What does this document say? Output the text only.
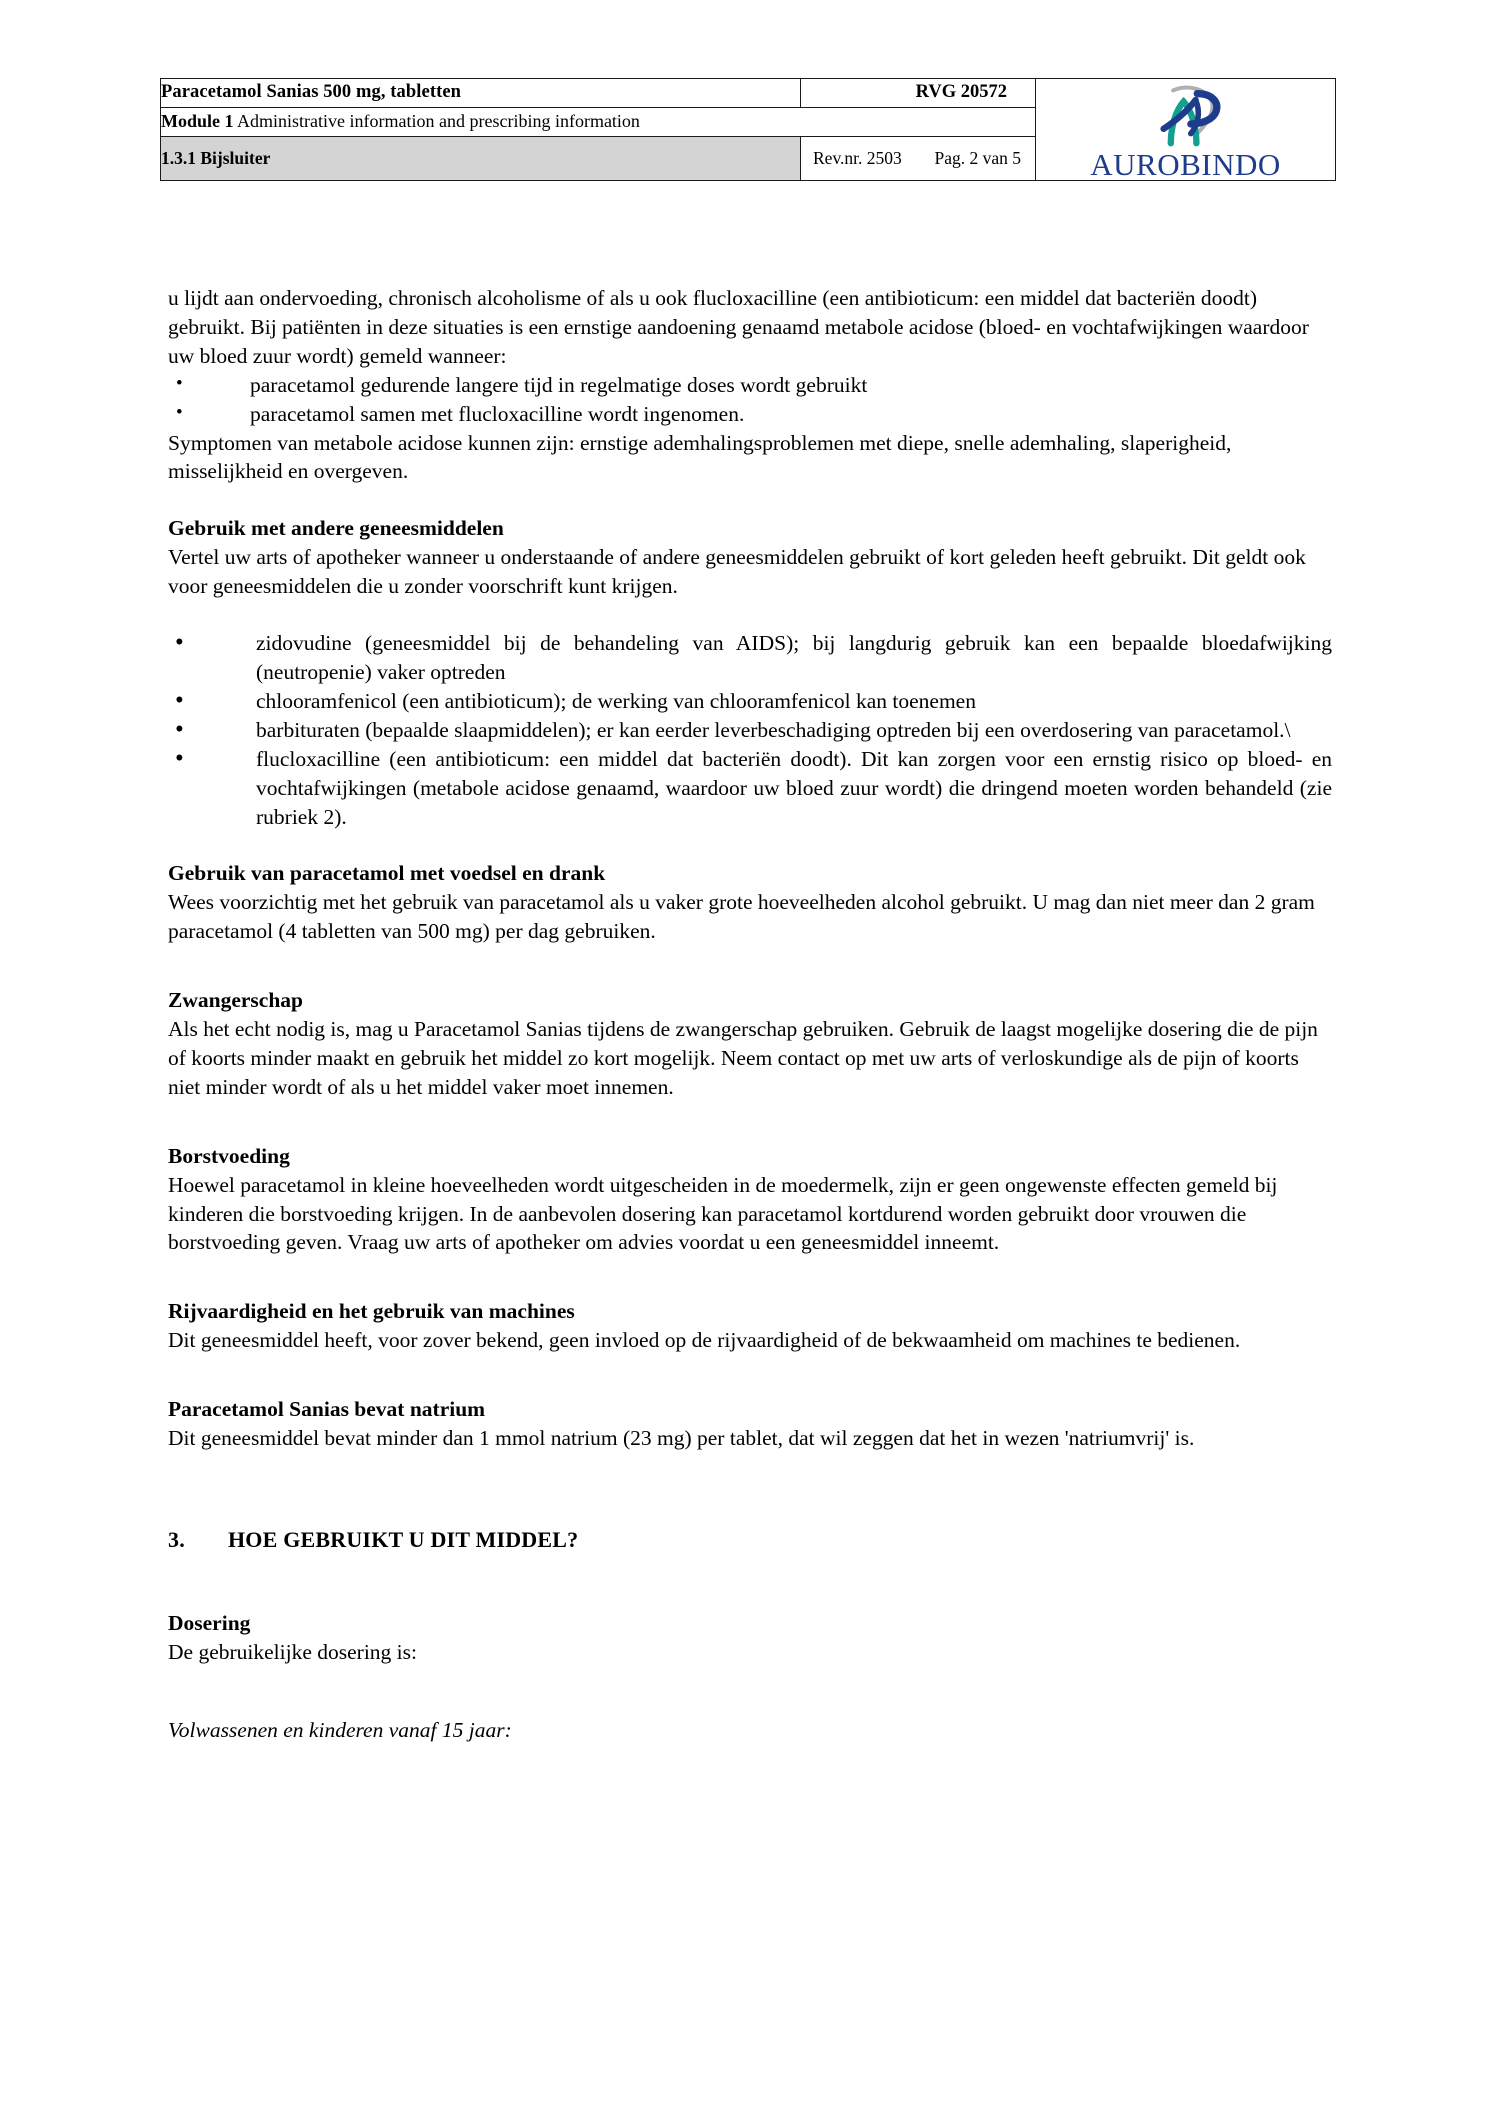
Paracetamol Sanias 500 mg, tabletten	RVG 20572	AUROBINDO

Module 1 Administrative information and prescribing information		

1.3.1 Bijsluiter	Rev.nr. 2503 Pag. 2 van 5	

u lijdt aan ondervoeding, chronisch alcoholisme of als u ook flucloxacilline (een antibioticum: een middel dat bacteriën doodt) gebruikt. Bij patiënten in deze situaties is een ernstige aandoening genaamd metabole acidose (bloed- en vochtafwijkingen waardoor uw bloed zuur wordt) gemeld wanneer:

•	paracetamol gedurende langere tijd in regelmatige doses wordt gebruikt
•	paracetamol samen met flucloxacilline wordt ingenomen.

Symptomen van metabole acidose kunnen zijn: ernstige ademhalingsproblemen met diepe, snelle ademhaling, slaperigheid, misselijkheid en overgeven.

Gebruik met andere geneesmiddelen

Vertel uw arts of apotheker wanneer u onderstaande of andere geneesmiddelen gebruikt of kort geleden heeft gebruikt. Dit geldt ook voor geneesmiddelen die u zonder voorschrift kunt krijgen.

•	zidovudine (geneesmiddel bij de behandeling van AIDS); bij langdurig gebruik kan een bepaalde bloedafwijking (neutropenie) vaker optreden
•	chlooramfenicol (een antibioticum); de werking van chlooramfenicol kan toenemen
•	barbituraten (bepaalde slaapmiddelen); er kan eerder leverbeschadiging optreden bij een overdosering van paracetamol.\
•	flucloxacilline (een antibioticum: een middel dat bacteriën doodt). Dit kan zorgen voor een ernstig risico op bloed- en vochtafwijkingen (metabole acidose genaamd, waardoor uw bloed zuur wordt) die dringend moeten worden behandeld (zie rubriek 2).
Gebruik van paracetamol met voedsel en drank

Wees voorzichtig met het gebruik van paracetamol als u vaker grote hoeveelheden alcohol gebruikt. U mag dan niet meer dan 2 gram paracetamol (4 tabletten van 500 mg) per dag gebruiken.

Zwangerschap

Als het echt nodig is, mag u Paracetamol Sanias tijdens de zwangerschap gebruiken. Gebruik de laagst mogelijke dosering die de pijn of koorts minder maakt en gebruik het middel zo kort mogelijk. Neem contact op met uw arts of verloskundige als de pijn of koorts niet minder wordt of als u het middel vaker moet innemen.

Borstvoeding

Hoewel paracetamol in kleine hoeveelheden wordt uitgescheiden in de moedermelk, zijn er geen ongewenste effecten gemeld bij kinderen die borstvoeding krijgen. In de aanbevolen dosering kan paracetamol kortdurend worden gebruikt door vrouwen die borstvoeding geven. Vraag uw arts of apotheker om advies voordat u een geneesmiddel inneemt.

Rijvaardigheid en het gebruik van machines

Dit geneesmiddel heeft, voor zover bekend, geen invloed op de rijvaardigheid of de bekwaamheid om machines te bedienen.

Paracetamol Sanias bevat natrium

Dit geneesmiddel bevat minder dan 1 mmol natrium (23 mg) per tablet, dat wil zeggen dat het in wezen 'natriumvrij' is.

3. HOE GEBRUIKT U DIT MIDDEL?
Dosering

De gebruikelijke dosering is:

Volwassenen en kinderen vanaf 15 jaar:
